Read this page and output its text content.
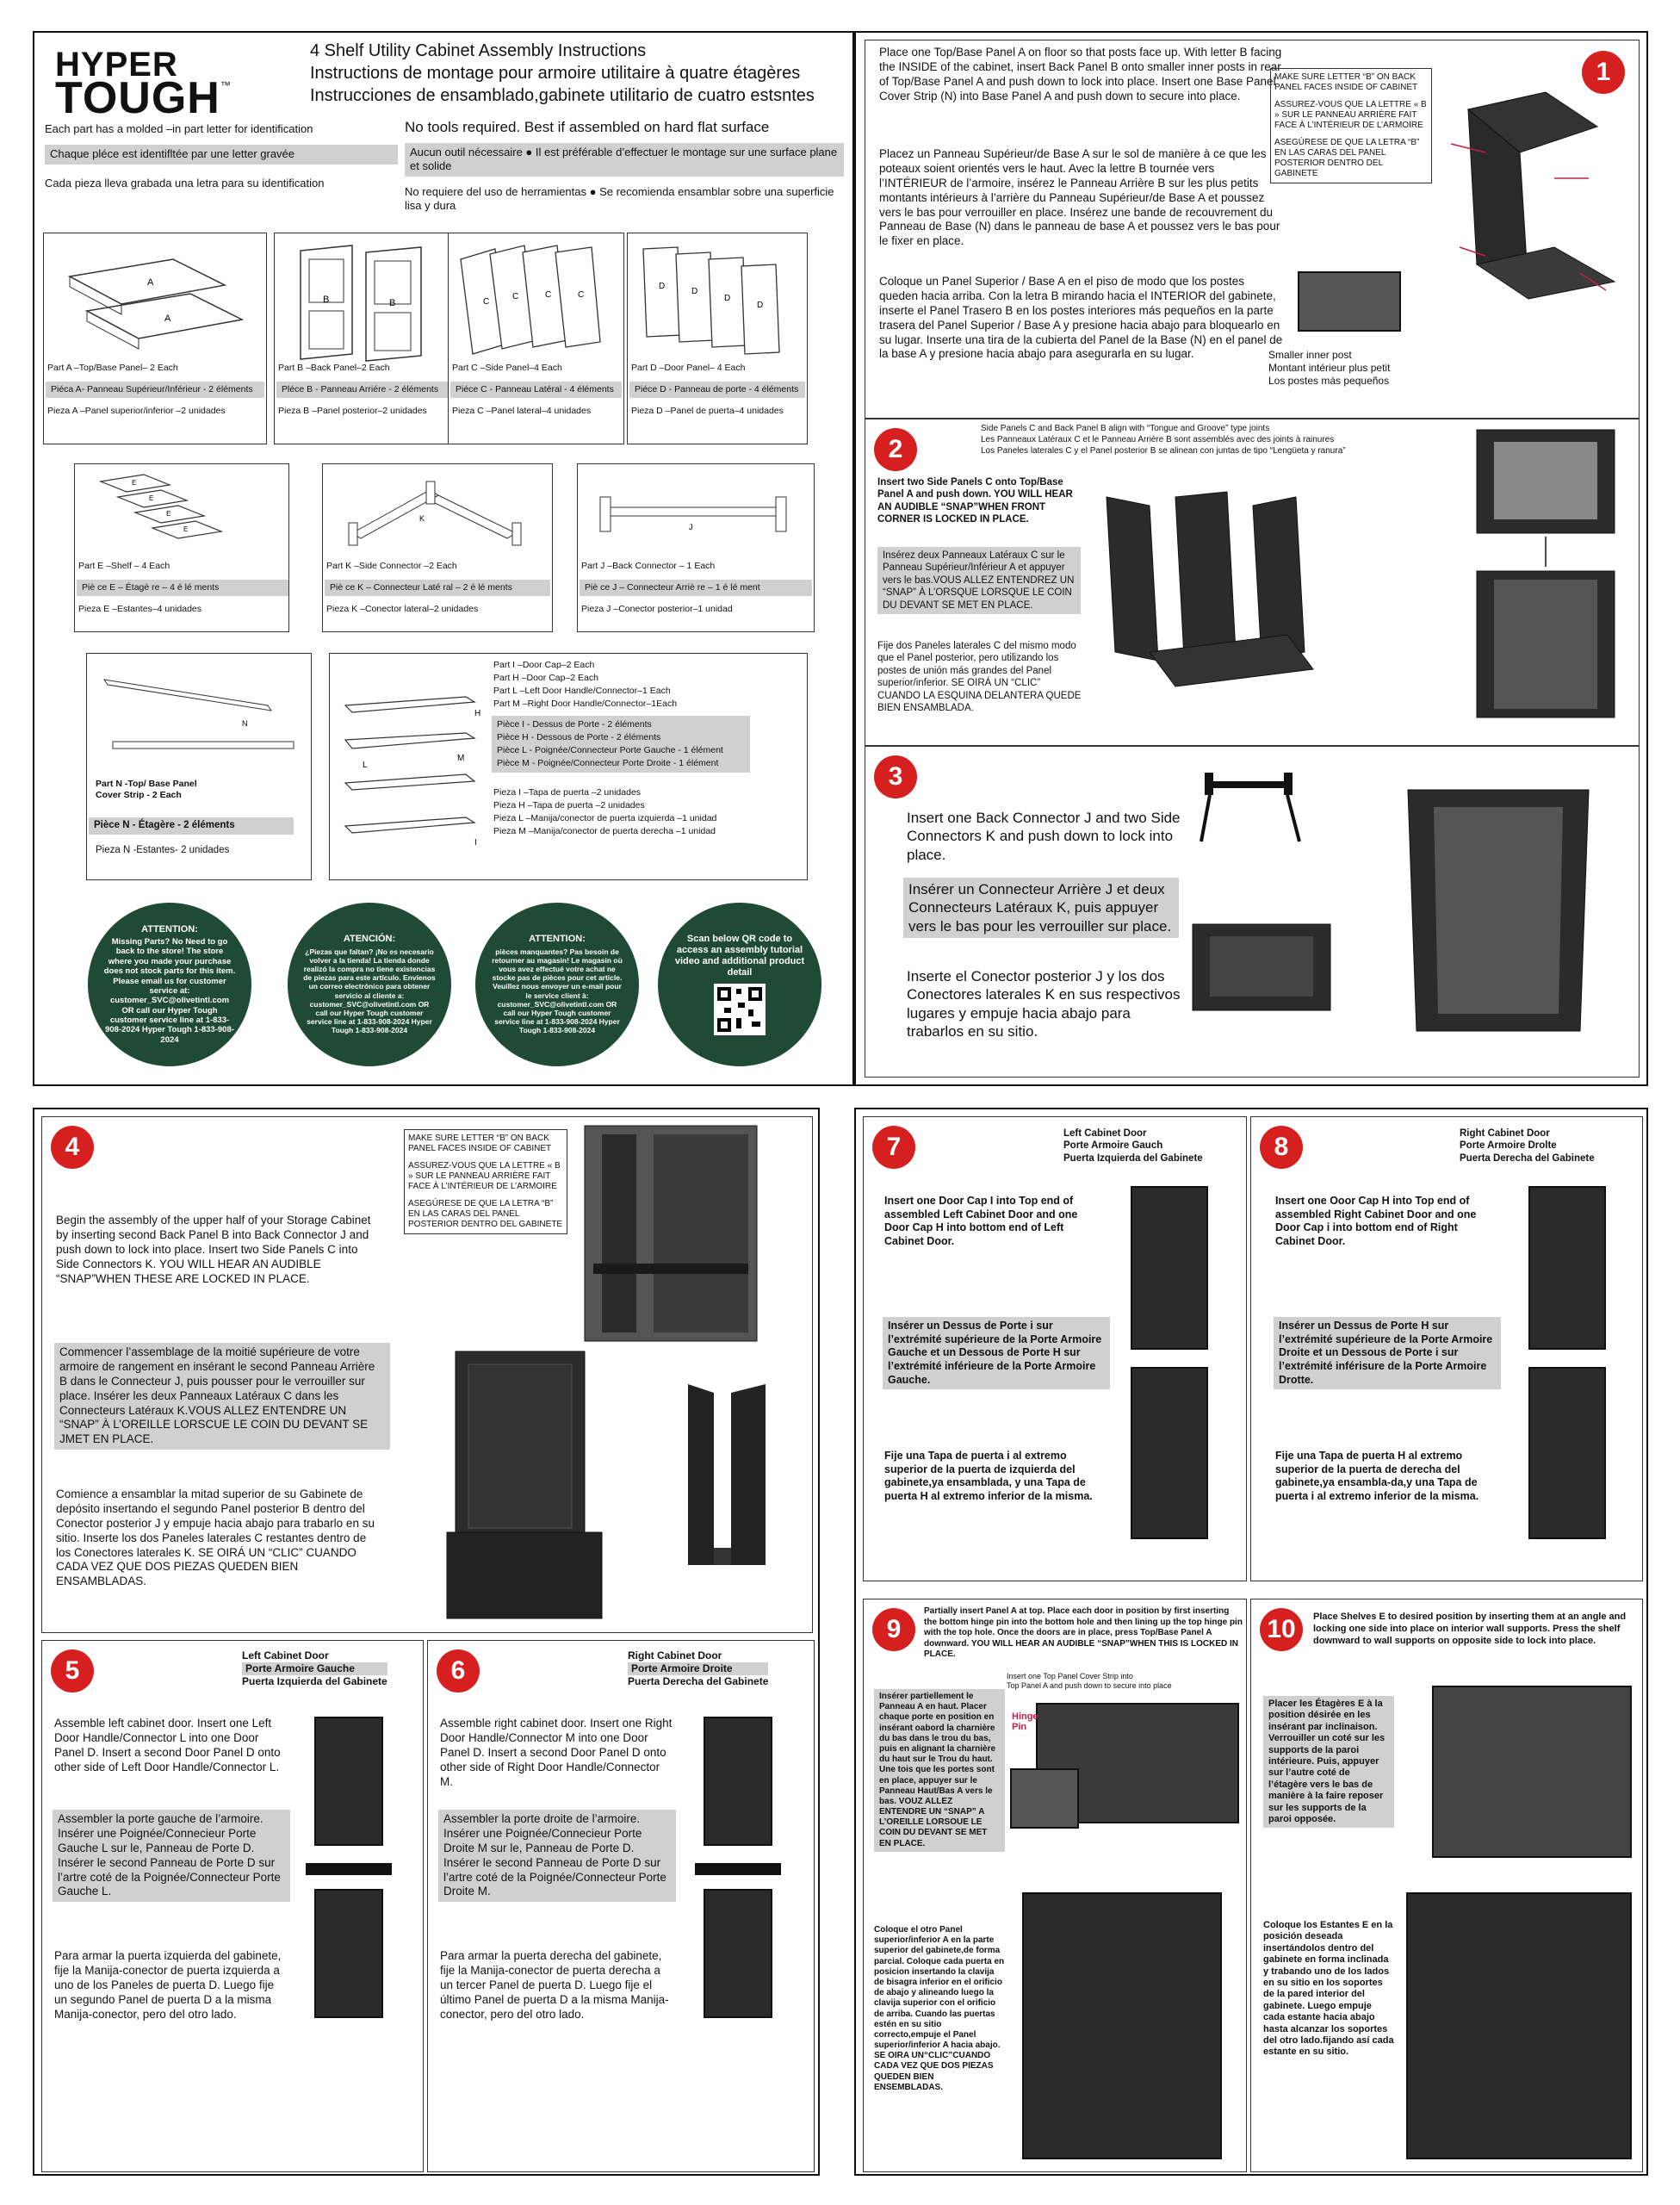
HYPER
TOUGH ™
4 Shelf Utility Cabinet Assembly Instructions
Instructions de montage pour armoire utilitaire à quatre étagères
Instrucciones de ensamblado,gabinete utilitario de cuatro estsntes
Each part has a molded –in part letter for identification
Chaque pléce est identifltée par une letter gravée
Cada pieza lleva grabada una letra para su identification
No tools required. Best if assembled on hard flat surface
Aucun outil nécessaire ● Il est préférable d’effectuer le montage sur une surface plane et solide
No requiere del uso de herramientas ● Se recomienda ensamblar sobre una superficie lisa y dura
A
A
Part A –Top/Base Panel– 2 Each
Piéca A- Panneau Supérieur/Inférieur - 2 éléments
Pieza A –Panel superior/inferior –2 unidades
B	B
Part B –Back Panel–2 Each
Pléce B - Panneau Arriére - 2 éléments
Pieza B –Panel posterior–2 unidades
C
C	C	C
Part C –Side Panel–4 Each
Piéce C - Panneau Latéral - 4 éléments
Pieza C –Panel lateral–4 unidades
D
D
D
D
Part D –Door Panel– 4 Each
Piéce D - Panneau de porte - 4 éléments
Pieza D –Panel de puerta–4 unidades
E
E
E
E
Part E –Shelf – 4 Each
Piè ce E – Étagè re – 4 é lé ments
Pieza E –Estantes–4 unidades
K
Part K –Side Connector –2 Each
Piè ce K – Connecteur Laté ral – 2 é lé ments
Pieza K –Conector lateral–2 unidades
J
Part J –Back Connector – 1 Each
Piè ce J – Connecteur Arriè re – 1 é lé ment
Pieza J –Conector posterior–1 unidad
N
Part N -Top/ Base Panel
Cover Strip - 2 Each
Pièce N - Étagère - 2 éléments
Pieza N -Estantes- 2 unidades
H
L
M
I
Part I –Door Cap–2 Each
Part H –Door Cap–2 Each
Part L –Left Door Handle/Connector–1 Each
Part M –Right Door Handle/Connector–1Each
Pièce I - Dessus de Porte - 2 éléments
Pièce H - Dessous de Porte - 2 éléments
Pièce L - Poignée/Connecteur Porte Gauche - 1 élément
Pièce M - Poignée/Connecteur Porte Droite - 1 élément
Pieza I –Tapa de puerta –2 unidades
Pieza H –Tapa de puerta –2 unidades
Pieza L –Manija/conector de puerta izquierda –1 unidad
Pieza M –Manija/conector de puerta derecha –1 unidad
ATTENTION:
Missing Parts? No Need to go back to the store! The store where you made your purchase does not stock parts for this item. Please email us for customer service at: customer_SVC@olivetintl.com OR call our Hyper Tough customer service line at 1-833-908-2024 Hyper Tough 1-833-908-2024
ATENCIÓN:
¿Piezas que faltan? ¡No es necesario volver a la tienda! La tienda donde realizó la compra no tiene existencias de piezas para este artículo. Envíenos un correo electrónico para obtener servicio al cliente a: customer_SVC@olivetintl.com OR call our Hyper Tough customer service line at 1-833-908-2024 Hyper Tough 1-833-908-2024
ATTENTION:
pièces manquantes? Pas besoin de retourner au magasin! Le magasin où vous avez effectué votre achat ne stocke pas de pièces pour cet article. Veuillez nous envoyer un e-mail pour le service client à: customer_SVC@olivetintl.com OR call our Hyper Tough customer service line at 1-833-908-2024 Hyper Tough 1-833-908-2024
Scan below QR code to access an assembly tutorial video and additional product detail
1
Place one Top/Base Panel A on floor so that posts face up. With letter B facing the INSIDE of the cabinet, insert Back Panel B onto smaller inner posts in rear of Top/Base Panel A and push down to lock into place. Insert one Base Panel Cover Strip (N) into Base Panel A and push down to secure into place.
Placez un Panneau Supérieur/de Base A sur le sol de manière à ce que les poteaux soient orientés vers le haut. Avec la lettre B tournée vers l’INTÉRIEUR de l’armoire, insérez le Panneau Arrière B sur les plus petits montants intérieurs à l’arrière du Panneau Supérieur/de Base A et poussez vers le bas pour verrouiller en place. Insérez une bande de recouvrement du Panneau de Base (N) dans le panneau de base A et poussez vers le bas pour le fixer en place.
Coloque un Panel Superior / Base A en el piso de modo que los postes queden hacia arriba. Con la letra B mirando hacia el INTERIOR del gabinete, inserte el Panel Trasero B en los postes interiores más pequeños en la parte trasera del Panel Superior / Base A y presione hacia abajo para bloquearlo en su lugar. Inserte una tira de la cubierta del Panel de la Base (N) en el panel de la base A y presione hacia abajo para asegurarla en su lugar.
MAKE SURE LETTER “B” ON BACK PANEL FACES INSIDE OF CABINET
ASSUREZ-VOUS QUE LA LETTRE « B » SUR LE PANNEAU ARRIÈRE FAIT FACE À L’INTÉRIEUR DE L’ARMOIRE
ASEGÚRESE DE QUE LA LETRA “B” EN LAS CARAS DEL PANEL POSTERIOR DENTRO DEL GABINETE
Smaller inner post
Montant intérieur plus petit
Los postes más pequeños
2
Side Panels C and Back Panel B align with “Tongue and Groove” type joints
Les Panneaux Latéraux C et le Panneau Arrière B sont assemblés avec des joints à rainures
Los Paneles laterales C y el Panel posterior B se alinean con juntas de tipo “Lengüeta y ranura”
Insert two Side Panels C onto Top/Base Panel A and push down. YOU WILL HEAR AN AUDIBLE “SNAP”WHEN FRONT CORNER IS LOCKED IN PLACE.
Insérez deux Panneaux Latéraux C sur le Panneau Supérieur/Inférieur A et appuyer vers le bas.VOUS ALLEZ ENTENDREZ UN “SNAP” À L’ORSQUE LORSQUE LE COIN DU DEVANT SE MET EN PLACE.
Fije dos Paneles laterales C del mismo modo que el Panel posterior, pero utilizando los postes de unión más grandes del Panel superior/inferior. SE OIRÁ UN “CLIC” CUANDO LA ESQUINA DELANTERA QUEDE BIEN ENSAMBLADA.
3
Insert one Back Connector J and two Side Connectors K and push down to lock into place.
Insérer un Connecteur Arrière J et deux Connecteurs Latéraux K, puis appuyer vers le bas pour les verrouiller sur place.
Inserte el Conector posterior J y los dos Conectores laterales K en sus respectivos lugares y empuje hacia abajo para trabarlos en su sitio.
4
Begin the assembly of the upper half of your Storage Cabinet by inserting second Back Panel B into Back Connector J and push down to lock into place. Insert two Side Panels C into Side Connectors K. YOU WILL HEAR AN AUDIBLE “SNAP”WHEN THESE ARE LOCKED IN PLACE.
Commencer l’assemblage de la moitié supérieure de votre armoire de rangement en insérant le second Panneau Arrière B dans le Connecteur J, puis pousser pour le verrouiller sur place. Insérer les deux Panneaux Latéraux C dans les Connecteurs Latéraux K.VOUS ALLEZ ENTENDRE UN “SNAP” À L’OREILLE LORSCUE LE COIN DU DEVANT SE JMET EN PLACE.
Comience a ensamblar la mitad superior de su Gabinete de depósito insertando el segundo Panel posterior B dentro del Conector posterior J y empuje hacia abajo para trabarlo en su sitio. Inserte los dos Paneles laterales C restantes dentro de los Conectores laterales K. SE OIRÁ UN “CLIC” CUANDO CADA VEZ QUE DOS PIEZAS QUEDEN BIEN ENSAMBLADAS.
MAKE SURE LETTER “B” ON BACK PANEL FACES INSIDE OF CABINET
ASSUREZ-VOUS QUE LA LETTRE « B » SUR LE PANNEAU ARRIÈRE FAIT FACE À L’INTÉRIEUR DE L’ARMOIRE
ASEGÚRESE DE QUE LA LETRA “B” EN LAS CARAS DEL PANEL POSTERIOR DENTRO DEL GABINETE
5
Left Cabinet Door
Porte Armoire Gauche
Puerta Izquierda del Gabinete
Assemble left cabinet door. Insert one Left Door Handle/Connector L into one Door Panel D. Insert a second Door Panel D onto other side of Left Door Handle/Connector L.
Assembler la porte gauche de l’armoire. Insérer une Poignée/Connecieur Porte Gauche L sur le, Panneau de Porte D. Insérer le second Panneau de Porte D sur l’artre coté de la Poignée/Connecteur Porte Gauche L.
Para armar la puerta izquierda del gabinete, fije la Manija-conector de puerta izquierda a uno de los Paneles de puerta D. Luego fije un segundo Panel de puerta D a la misma Manija-conector, pero del otro lado.
6
Right Cabinet Door
Porte Armoire Droite
Puerta Derecha del Gabinete
Assemble right cabinet door. Insert one Right Door Handle/Connector M into one Door Panel D. Insert a second Door Panel D onto other side of Right Door Handle/Connector M.
Assembler la porte droite de l’armoire. Insérer une Poignée/Connecieur Porte Droite M sur le, Panneau de Porte D. Insérer le second Panneau de Porte D sur l’artre coté de la Poignée/Connecteur Porte Droite M.
Para armar la puerta derecha del gabinete, fije la Manija-conector de puerta derecha a un tercer Panel de puerta D. Luego fije el último Panel de puerta D a la misma Manija-conector, pero del otro lado.
7	Left Cabinet Door
Porte Armoire Gauch
Puerta Izquierda del Gabinete
Insert one Door Cap I into Top end of assembled Left Cabinet Door and one Door Cap H into bottom end of Left Cabinet Door.
Insérer un Dessus de Porte i sur l’extrémité supérieure de la Porte Armoire Gauche et un Dessous de Porte H sur l’extrémité inférieure de la Porte Armoire Gauche.
Fije una Tapa de puerta i al extremo superior de la puerta de izquierda del gabinete,ya ensamblada, y una Tapa de puerta H al extremo inferior de la misma.
8	Right Cabinet Door
Porte Armoire Drolte
Puerta Derecha del Gabinete
Insert one Ooor Cap H into Top end of assembled Right Cabinet Door and one Door Cap i into bottom end of Right Cabinet Door.
Insérer un Dessus de Porte H sur l’extrémité supérieure de la Porte Armoire Droite et un Dessous de Porte i sur l’extrémité inférisure de la Porte Armoire Drotte.
Fije una Tapa de puerta H al extremo superior de la puerta de derecha del gabinete,ya ensambla-da,y una Tapa de puerta i al extremo inferior de la misma.
9
Partially insert Panel A at top. Place each door in position by first inserting the bottom hinge pin into the bottom hole and then lining up the top hinge pin with the top hole. Once the doors are in place, press Top/Base Panel A downward. YOU WILL HEAR AN AUDIBLE “SNAP”WHEN THIS IS LOCKED IN PLACE.
Insert one Top Panel Cover Strip into
Top Panel A and push down to secure into place
Insérer partiellement le Panneau A en haut. Placer chaque porte en position en insérant oabord la charnière du bas dans le trou du bas, puis en alignant la charnière du haut sur le Trou du haut. Une tois que les portes sont en place, appuyer sur le Panneau Haut/Bas A vers le bas. VOUZ ALLEZ ENTENDRE UN “SNAP” A L’OREILLE LORSOUE LE COIN DU DEVANT SE MET EN PLACE.
Coloque el otro Panel superior/inferior A en la parte superior del gabinete,de forma parcial. Coloque cada puerta en posicion insertando la clavija de bisagra inferior en el orificio de abajo y alineando luego la clavija superior con el orificio de arriba. Cuando las puertas estén en su sitio correcto,empuje el Panel superior/inferior A hacia abajo. SE OIRA UN“CLIC”CUANDO CADA VEZ QUE DOS PIEZAS QUEDEN BIEN ENSEMBLADAS.
Hinge Pin
10	Place Shelves E to desired position by inserting them at an angle and locking one side into place on interior wall supports. Press the shelf downward to wall supports on opposite side to lock into place.
Placer les Étagères E à la position désirée en les insérant par inclinaison. Verrouiller un coté sur les supports de la paroi intérieure. Puis, appuyer sur l’autre coté de l’étagère vers le bas de manière à la faire reposer sur les supports de la paroi opposée.
Coloque los Estantes E en la posición deseada insertándolos dentro del gabinete en forma inclinada y trabando uno de los lados en su sitio en los soportes de la pared interior del gabinete. Luego empuje cada estante hacia abajo hasta alcanzar los soportes del otro lado.fijando así cada estante en su sitio.
